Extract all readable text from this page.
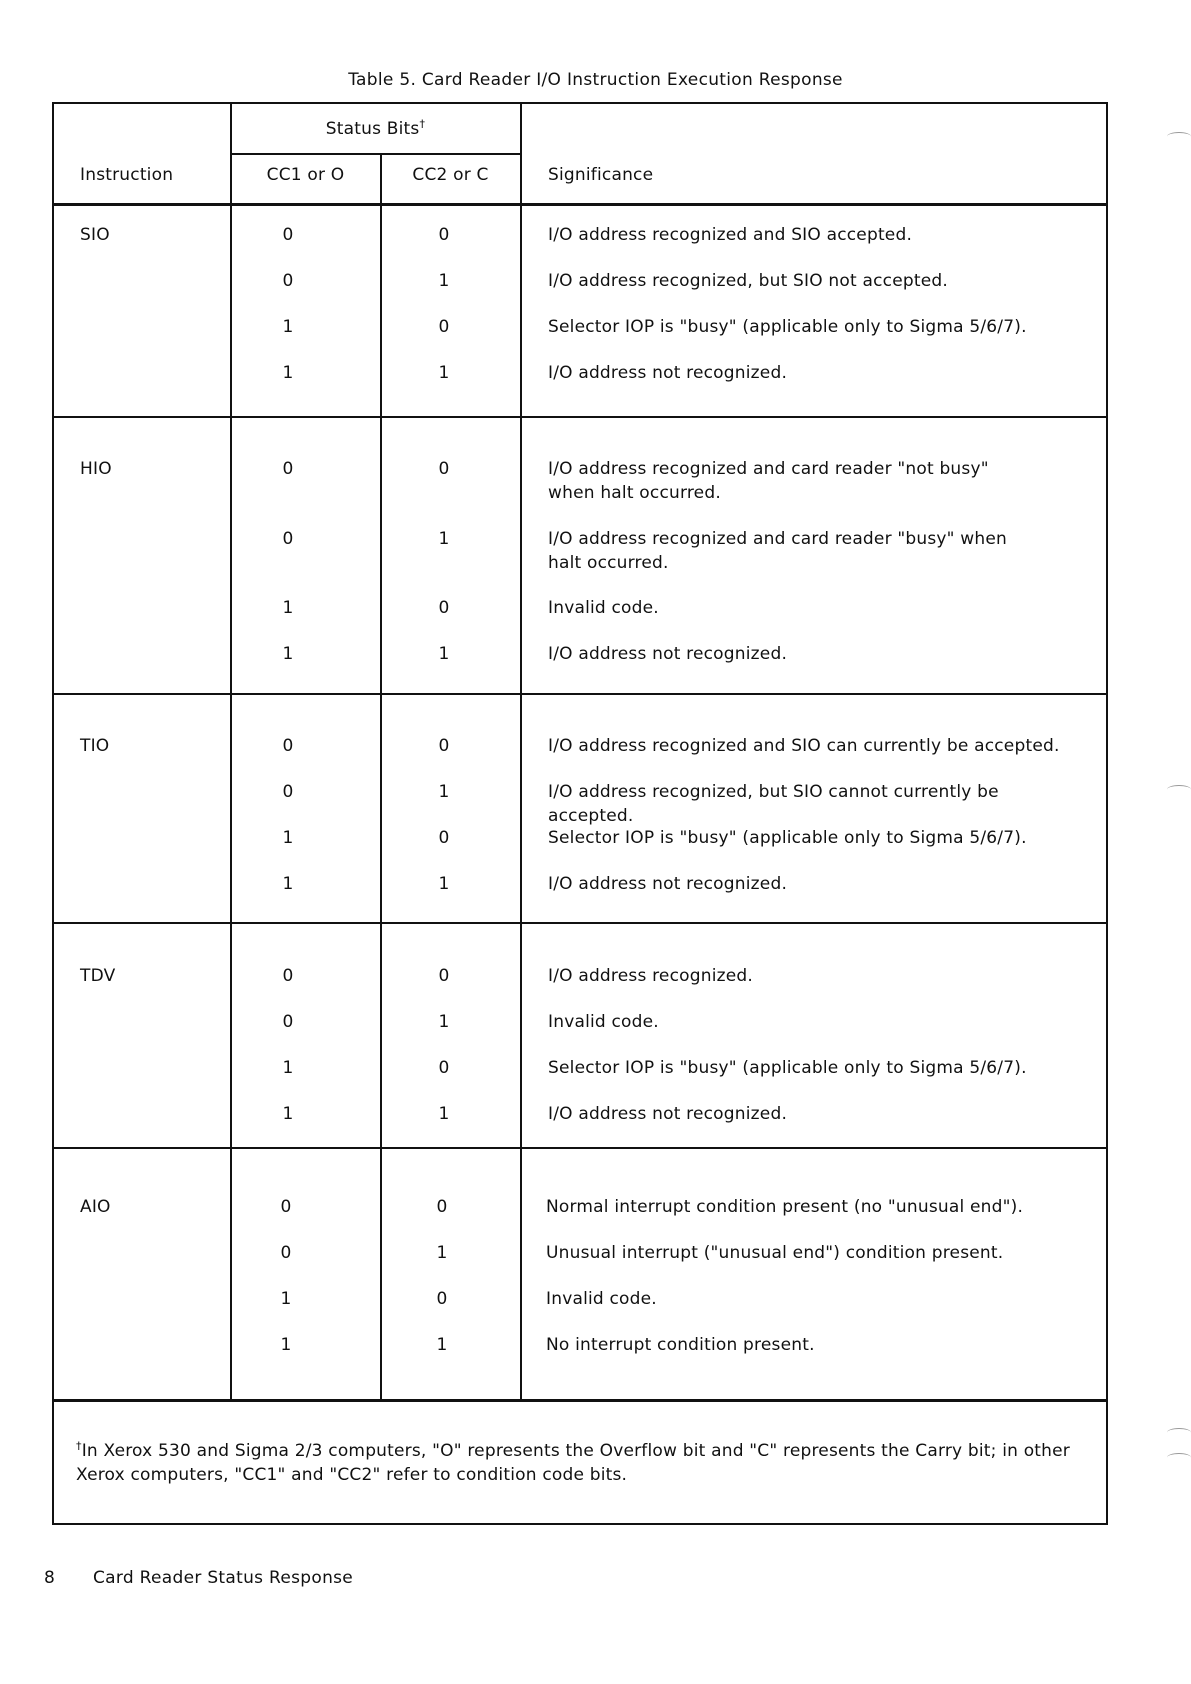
Table 5. Card Reader I/O Instruction Execution Response
Instruction
Status Bits†
CC1 or O	CC2 or C	Significance
SIO	0	0	I/O address recognized and SIO accepted.
0	1	I/O address recognized, but SIO not accepted.
1	0	Selector IOP is "busy" (applicable only to Sigma 5/6/7).
1	1	I/O address not recognized.
HIO	0	0	I/O address recognized and card reader "not busy" when halt occurred.
0	1	I/O address recognized and card reader "busy" when halt occurred.
1	0	Invalid code.
1	1	I/O address not recognized.
TIO	0	0	I/O address recognized and SIO can currently be accepted.
0	1	I/O address recognized, but SIO cannot currently be accepted.
1	0	Selector IOP is "busy" (applicable only to Sigma 5/6/7).
1	1	I/O address not recognized.
TDV	0	0	I/O address recognized.
0	1	Invalid code.
1	0	Selector IOP is "busy" (applicable only to Sigma 5/6/7).
1	1	I/O address not recognized.
AIO	0	0	Normal interrupt condition present (no "unusual end").
0	1	Unusual interrupt ("unusual end") condition present.
1	0	Invalid code.
1	1	No interrupt condition present.
†In Xerox 530 and Sigma 2/3 computers, "O" represents the Overflow bit and "C" represents the Carry bit; in other Xerox computers, "CC1" and "CC2" refer to condition code bits.
8 Card Reader Status Response
